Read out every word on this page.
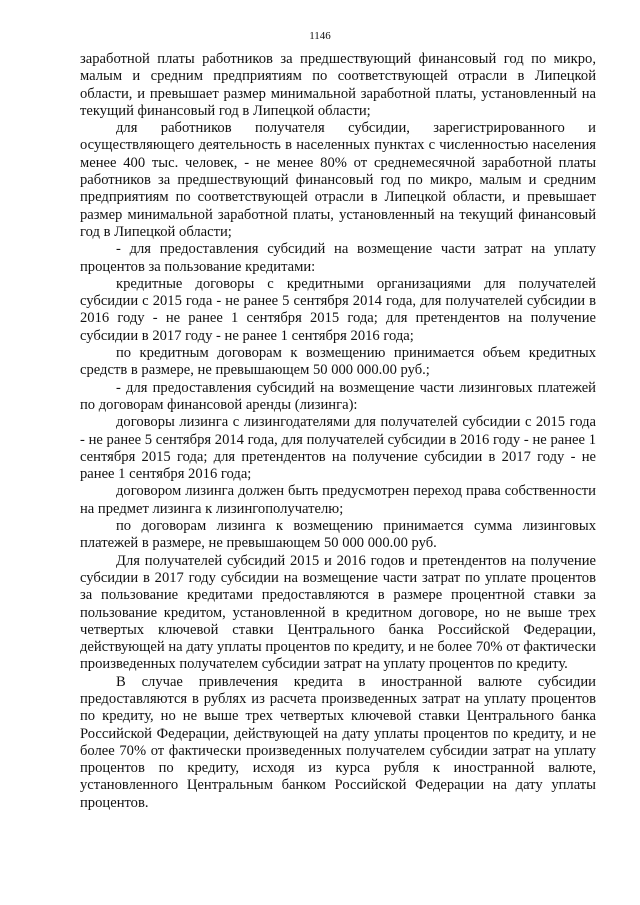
1146

заработной платы работников за предшествующий финансовый год по микро, малым и средним предприятиям по соответствующей отрасли в Липецкой области, и превышает размер минимальной заработной платы, установленный на текущий финансовый год в Липецкой области;

для работников получателя субсидии, зарегистрированного и осуществляющего деятельность в населенных пунктах с численностью населения менее 400 тыс. человек, - не менее 80% от среднемесячной заработной платы работников за предшествующий финансовый год по микро, малым и средним предприятиям по соответствующей отрасли в Липецкой области, и превышает размер минимальной заработной платы, установленный на текущий финансовый год в Липецкой области;

- для предоставления субсидий на возмещение части затрат на уплату процентов за пользование кредитами:

кредитные договоры с кредитными организациями для получателей субсидии с 2015 года - не ранее 5 сентября 2014 года, для получателей субсидии в 2016 году - не ранее 1 сентября 2015 года; для претендентов на получение субсидии в 2017 году - не ранее 1 сентября 2016 года;

по кредитным договорам к возмещению принимается объем кредитных средств в размере, не превышающем 50 000 000.00 руб.;

- для предоставления субсидий на возмещение части лизинговых платежей по договорам финансовой аренды (лизинга):

договоры лизинга с лизингодателями для получателей субсидии с 2015 года - не ранее 5 сентября 2014 года, для получателей субсидии в 2016 году - не ранее 1 сентября 2015 года; для претендентов на получение субсидии в 2017 году - не ранее 1 сентября 2016 года;

договором лизинга должен быть предусмотрен переход права собственности на предмет лизинга к лизингополучателю;

по договорам лизинга к возмещению принимается сумма лизинговых платежей в размере, не превышающем 50 000 000.00 руб.

Для получателей субсидий 2015 и 2016 годов и претендентов на получение субсидии в 2017 году субсидии на возмещение части затрат по уплате процентов за пользование кредитами предоставляются в размере процентной ставки за пользование кредитом, установленной в кредитном договоре, но не выше трех четвертых ключевой ставки Центрального банка Российской Федерации, действующей на дату уплаты процентов по кредиту, и не более 70% от фактически произведенных получателем субсидии затрат на уплату процентов по кредиту.

В случае привлечения кредита в иностранной валюте субсидии предоставляются в рублях из расчета произведенных затрат на уплату процентов по кредиту, но не выше трех четвертых ключевой ставки Центрального банка Российской Федерации, действующей на дату уплаты процентов по кредиту, и не более 70% от фактически произведенных получателем субсидии затрат на уплату процентов по кредиту, исходя из курса рубля к иностранной валюте, установленного Центральным банком Российской Федерации на дату уплаты процентов.
